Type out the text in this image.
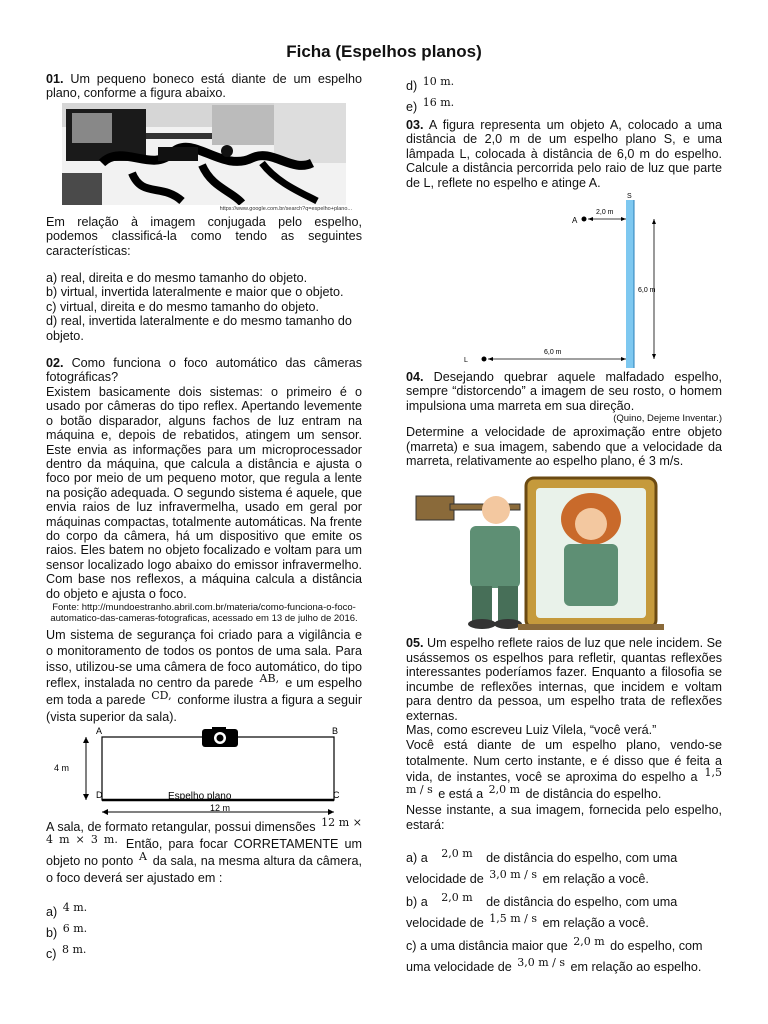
Ficha (Espelhos planos)

01. Um pequeno boneco está diante de um espelho plano, conforme a figura abaixo.

https://www.google.com.br/search?q=espelho+plano...

Em relação à imagem conjugada pelo espelho, podemos classificá-la como tendo as seguintes características:

a) real, direita e do mesmo tamanho do objeto.

b) virtual, invertida lateralmente e maior que o objeto.

c) virtual, direita e do mesmo tamanho do objeto.

d) real, invertida lateralmente e do mesmo tamanho do objeto.

02. Como funciona o foco automático das câmeras fotográficas?

Existem basicamente dois sistemas: o primeiro é o usado por câmeras do tipo reflex. Apertando levemente o botão disparador, alguns fachos de luz entram na máquina e, depois de rebatidos, atingem um sensor. Este envia as informações para um microprocessador dentro da máquina, que calcula a distância e ajusta o foco por meio de um pequeno motor, que regula a lente na posição adequada. O segundo sistema é aquele, que envia raios de luz infravermelha, usado em geral por máquinas compactas, totalmente automáticas. Na frente do corpo da câmera, há um dispositivo que emite os raios. Eles batem no objeto focalizado e voltam para um sensor localizado logo abaixo do emissor infravermelho. Com base nos reflexos, a máquina calcula a distância do objeto e ajusta o foco.

Fonte: http://mundoestranho.abril.com.br/materia/como-funciona-o-foco-automatico-das-cameras-fotograficas, acessado em 13 de julho de 2016.

Um sistema de segurança foi criado para a vigilância e o monitoramento de todos os pontos de uma sala. Para isso, utilizou-se uma câmera de foco automático, do tipo reflex, instalada no centro da parede AB, e um espelho em toda a parede CD, conforme ilustra a figura a seguir (vista superior da sala).

A	B
D	C
4 m
Espelho plano
12 m

A sala, de formato retangular, possui dimensões 12 m × 4 m × 3 m. Então, para focar CORRETAMENTE um objeto no ponto A da sala, na mesma altura da câmera, o foco deverá ser ajustado em :

a) 4 m.
b) 6 m.
c) 8 m.
d) 10 m.
e) 16 m.

03. A figura representa um objeto A, colocado a uma distância de 2,0 m de um espelho plano S, e uma lâmpada L, colocada à distância de 6,0 m do espelho. Calcule a distância percorrida pelo raio de luz que parte de L, reflete no espelho e atinge A.

A
S
L
2,0 m
6,0 m
6,0 m

04. Desejando quebrar aquele malfadado espelho, sempre “distorcendo” a imagem de seu rosto, o homem impulsiona uma marreta em sua direção.

(Quino, Dejeme Inventar.)

Determine a velocidade de aproximação entre objeto (marreta) e sua imagem, sabendo que a velocidade da marreta, relativamente ao espelho plano, é 3 m/s.

05. Um espelho reflete raios de luz que nele incidem. Se usássemos os espelhos para refletir, quantas reflexões interessantes poderíamos fazer. Enquanto a filosofia se incumbe de reflexões internas, que incidem e voltam para dentro da pessoa, um espelho trata de reflexões externas.

Mas, como escreveu Luiz Vilela, “você verá.”

Você está diante de um espelho plano, vendo-se totalmente. Num certo instante, e é disso que é feita a vida, de instantes, você se aproxima do espelho a 1,5 m / s e está a 2,0 m de distância do espelho.

Nesse instante, a sua imagem, fornecida pelo espelho, estará:

a) a 2,0 m de distância do espelho, com uma
velocidade de 3,0 m / s em relação a você.
b) a 2,0 m de distância do espelho, com uma
velocidade de 1,5 m / s em relação a você.
c) a uma distância maior que 2,0 m do espelho, com
uma velocidade de 3,0 m / s em relação ao espelho.
